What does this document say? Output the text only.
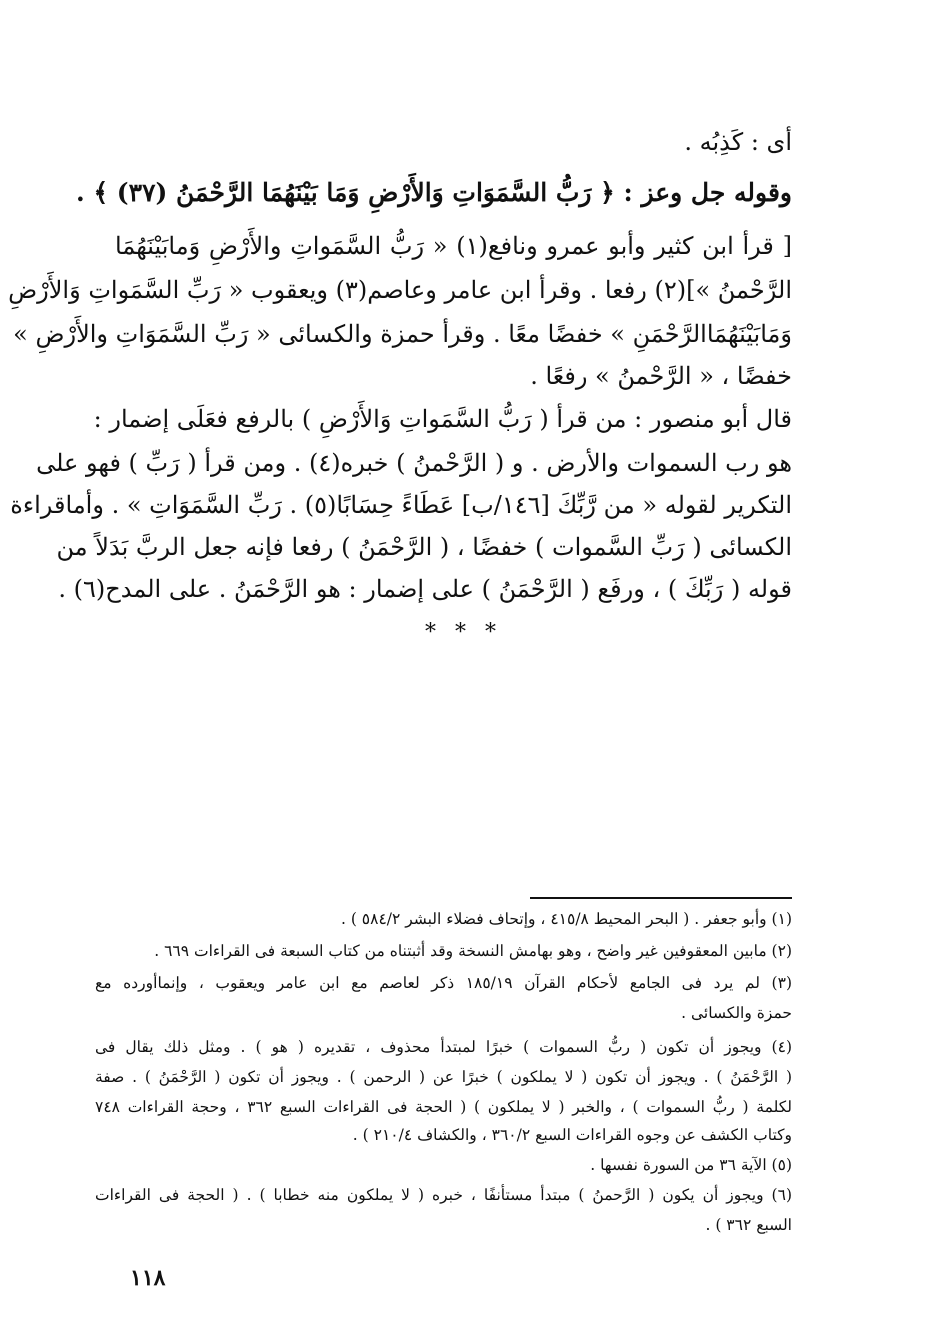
أى : كَذِبُه .
وقوله جل وعز : ﴿ رَبُّ السَّمَوَاتِ وَالأَرْضِ وَمَا بَيْنَهُمَا الرَّحْمَنُ (٣٧) ﴾ .
[ قرأ ابن كثير وأبو عمرو ونافع(١) « رَبُّ السَّمَواتِ والأَرْضِ وَمابَيْنَهُمَا
الرَّحْمنُ »](٢) رفعا . وقرأ ابن عامر وعاصم(٣) ويعقوب « رَبِّ السَّمَواتِ وَالأَرْضِ
وَمَابَيْنَهُمَاالرَّحْمَنِ » خفضًا معًا . وقرأ حمزة والكسائى « رَبِّ السَّمَوَاتِ والأَرْضِ »
خفضًا ، « الرَّحْمنُ » رفعًا .
قال أبو منصور : من قرأ ( رَبُّ السَّمَواتِ وَالأَرْضِ ) بالرفع فعَلَى إضمار :
هو رب السموات والأرض . و ( الرَّحْمنُ ) خبره(٤) . ومن قرأ ( رَبِّ ) فهو على
التكرير لقوله « من رَّبِّكَ [١٤٦/ب] عَطَاءً حِسَابًا(٥) . رَبِّ السَّمَوَاتِ » . وأماقراءة
الكسائى ( رَبِّ السَّموات ) خفضًا ، ( الرَّحْمَنُ ) رفعا فإنه جعل الربَّ بَدَلاً من
قوله ( رَبِّكَ ) ، ورفَع ( الرَّحْمَنُ ) على إضمار : هو الرَّحْمَنُ . على المدح(٦) .
* * *
(١) وأبو جعفر . ( البحر المحيط ٤١٥/٨ ، وإتحاف فضلاء البشر ٥٨٤/٢ ) .
(٢) مابين المعقوفين غير واضح ، وهو بهامش النسخة وقد أثبتناه من كتاب السبعة فى القراءات ٦٦٩ .
(٣) لم يرد فى الجامع لأحكام القرآن ١٨٥/١٩ ذكر لعاصم مع ابن عامر ويعقوب ، وإنماأورده مع
حمزة والكسائى .
(٤) ويجوز أن تكون ( ربُّ السموات ) خبرًا لمبتدأ محذوف ، تقديره ( هو ) . ومثل ذلك يقال فى
( الرَّحْمَنُ ) . ويجوز أن تكون ( لا يملكون ) خبرًا عن ( الرحمن ) . ويجوز أن تكون ( الرَّحْمَنُ ) . صفة
لكلمة ( ربُّ السموات ) ، والخبر ( لا يملكون ) ( الحجة فى القراءات السبع ٣٦٢ ، وحجة القراءات ٧٤٨
وكتاب الكشف عن وجوه القراءات السبع ٣٦٠/٢ ، والكشاف ٢١٠/٤ ) .
(٥) الآية ٣٦ من السورة نفسها .
(٦) ويجوز أن يكون ( الرَّحمنُ ) مبتدأ مستأنفًا ، خبره ( لا يملكون منه خطابا ) . ( الحجة فى القراءات
السبع ٣٦٢ ) .
١١٨
